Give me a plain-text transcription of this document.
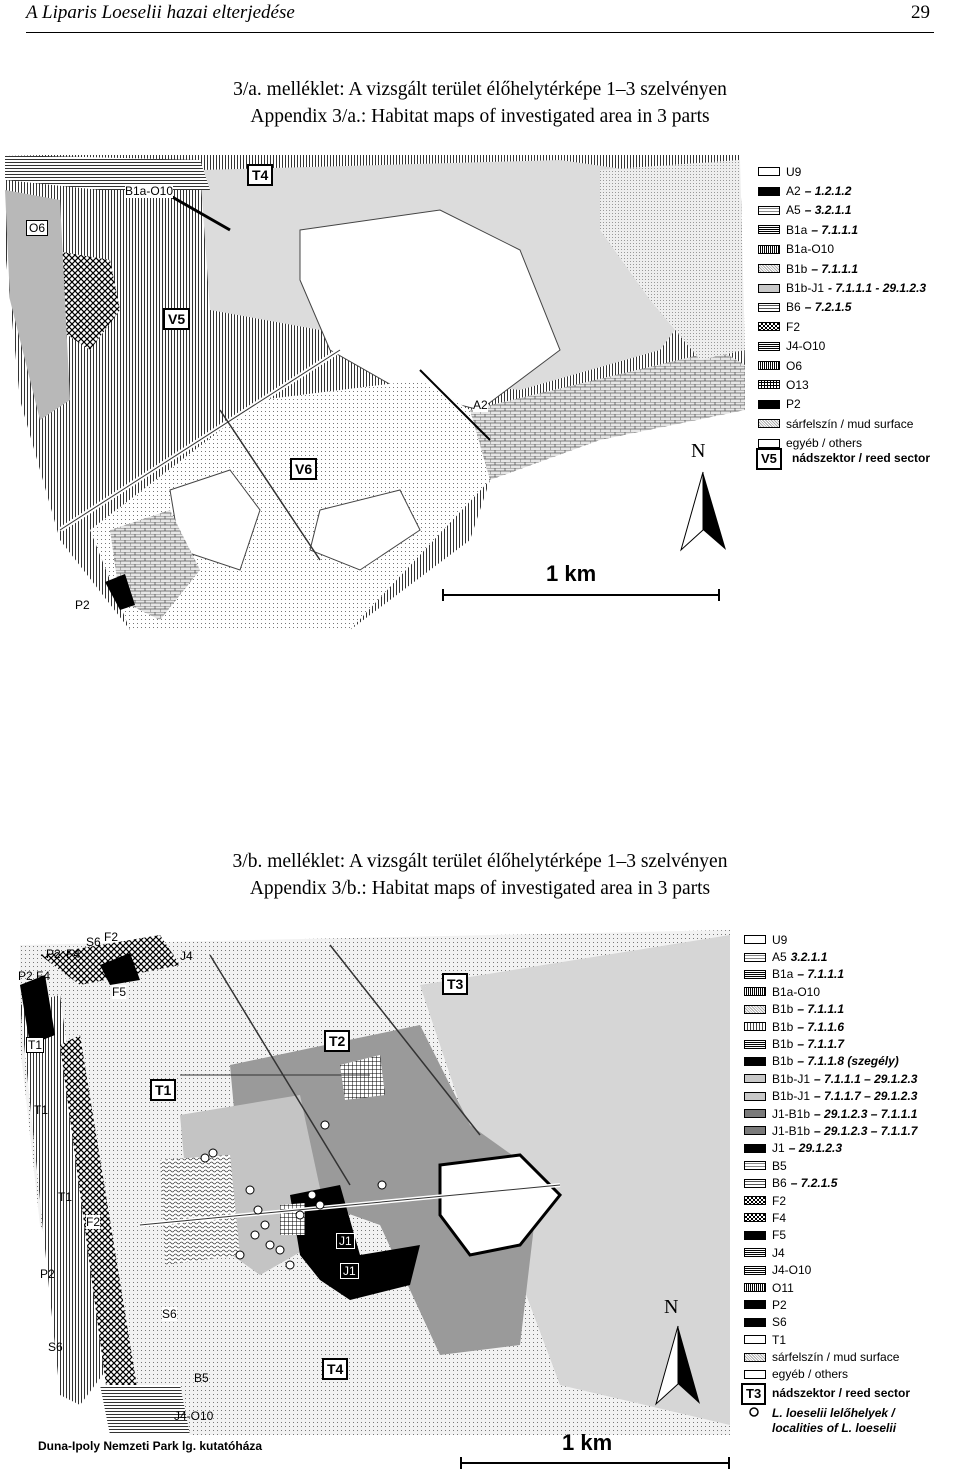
A Liparis Loeselii hazai elterjedése	29
3/a. melléklet: A vizsgált terület élőhelytérképe 1–3 szelvényen
Appendix 3/a.: Habitat maps of investigated area in 3 parts
T4
V5
V6
B1a-O10
O6
A2
P2
U9
A2 – 1.2.1.2
A5 – 3.2.1.1
B1a – 7.1.1.1
B1a-O10
B1b – 7.1.1.1
B1b-J1 - 7.1.1.1 - 29.1.2.3
B6 – 7.2.1.5
F2
J4-O10
O6
O13
P2
sárfelszín / mud surface
egyéb / others
V5	nádszektor / reed sector
N
1 km
3/b. melléklet: A vizsgált terület élőhelytérképe 1–3 szelvényen
Appendix 3/b.: Habitat maps of investigated area in 3 parts
T3
T2
T1
T4
J1
J1
S6 F2
P2 F4	J4
P2 F4
F5
T1
T1
T1
F2
P2
S6
S6
B5
J4-O10
Duna-Ipoly Nemzeti Park lg. kutatóháza
U9
A5 3.2.1.1
B1a – 7.1.1.1
B1a-O10
B1b – 7.1.1.1
B1b – 7.1.1.6
B1b – 7.1.1.7
B1b – 7.1.1.8 (szegély)
B1b-J1 – 7.1.1.1 – 29.1.2.3
B1b-J1 – 7.1.1.7 – 29.1.2.3
J1-B1b – 29.1.2.3 – 7.1.1.1
J1-B1b – 29.1.2.3 – 7.1.1.7
J1 – 29.1.2.3
B5
B6 – 7.2.1.5
F2
F4
F5
J4
J4-O10
O11
P2
S6
T1
sárfelszín / mud surface
egyéb / others
T3 nádszektor / reed sector
L. loeselii lelőhelyek /
localities of L. loeselii
N
1 km
